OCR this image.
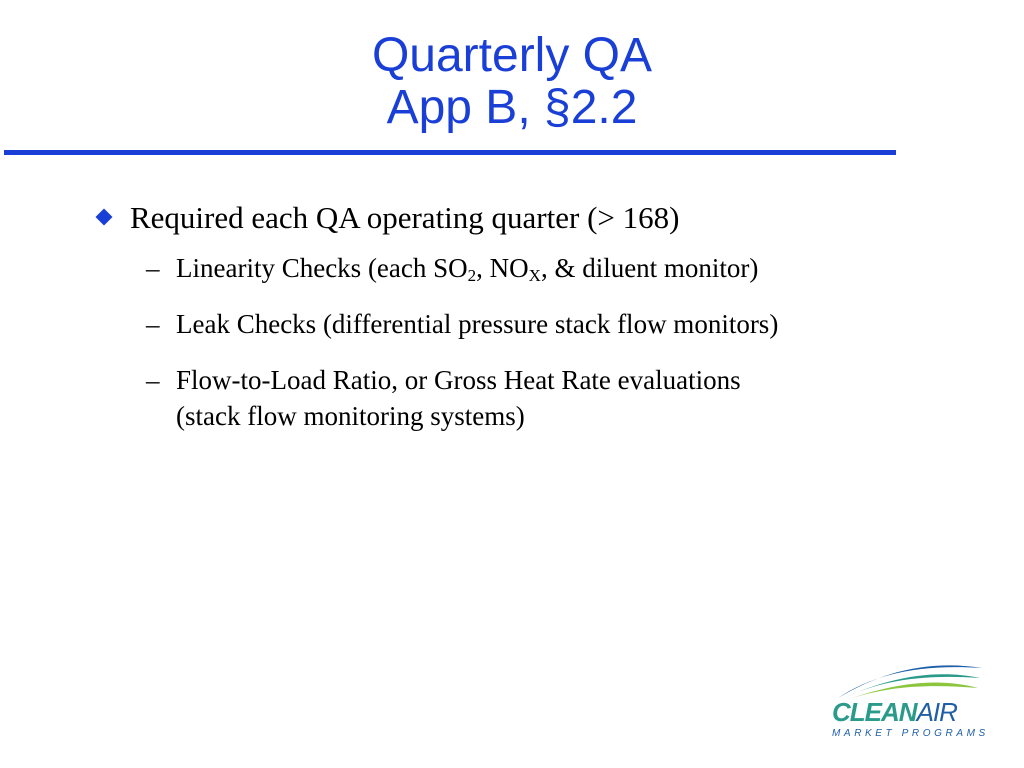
Quarterly QA
App B, §2.2
Required each QA operating quarter (> 168)
– Linearity Checks (each $SO_2$, $NO_X$, & diluent monitor)
– Leak Checks (differential pressure stack flow monitors)
– Flow-to-Load Ratio, or Gross Heat Rate evaluations
(stack flow monitoring systems)
CLEANAIR
MARKET PROGRAMS
